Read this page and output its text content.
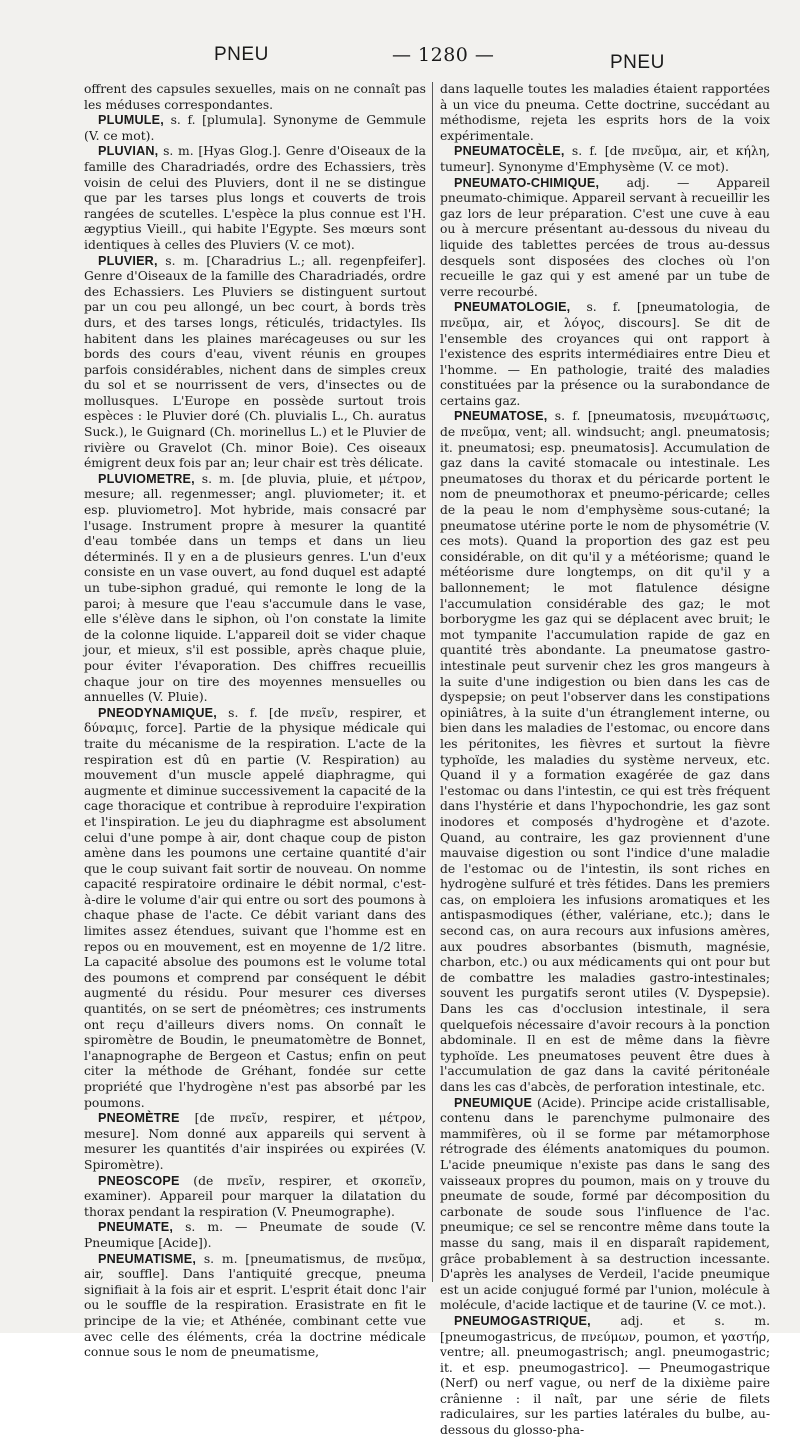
PNEU	— 1280 —	PNEU

offrent des capsules sexuelles, mais on ne connaît pas les méduses correspondantes.

PLUMULE, s. f. [plumula]. Synonyme de Gemmule (V. ce mot).

PLUVIAN, s. m. [Hyas Glog.]. Genre d'Oiseaux de la famille des Charadriadés, ordre des Echassiers, très voisin de celui des Pluviers, dont il ne se distingue que par les tarses plus longs et couverts de trois rangées de scutelles. L'espèce la plus connue est l'H. ægyptius Vieill., qui habite l'Egypte. Ses mœurs sont identiques à celles des Pluviers (V. ce mot).

PLUVIER, s. m. [Charadrius L.; all. regenpfeifer]. Genre d'Oiseaux de la famille des Charadriadés, ordre des Echassiers. Les Pluviers se distinguent surtout par un cou peu allongé, un bec court, à bords très durs, et des tarses longs, réticulés, tridactyles. Ils habitent dans les plaines marécageuses ou sur les bords des cours d'eau, vivent réunis en groupes parfois considérables, nichent dans de simples creux du sol et se nourrissent de vers, d'insectes ou de mollusques. L'Europe en possède surtout trois espèces : le Pluvier doré (Ch. pluvialis L., Ch. auratus Suck.), le Guignard (Ch. morinellus L.) et le Pluvier de rivière ou Gravelot (Ch. minor Boie). Ces oiseaux émigrent deux fois par an; leur chair est très délicate.

PLUVIOMETRE, s. m. [de pluvia, pluie, et μέτρον, mesure; all. regenmesser; angl. pluviometer; it. et esp. pluviometro]. Mot hybride, mais consacré par l'usage. Instrument propre à mesurer la quantité d'eau tombée dans un temps et dans un lieu déterminés. Il y en a de plusieurs genres. L'un d'eux consiste en un vase ouvert, au fond duquel est adapté un tube-siphon gradué, qui remonte le long de la paroi; à mesure que l'eau s'accumule dans le vase, elle s'élève dans le siphon, où l'on constate la limite de la colonne liquide. L'appareil doit se vider chaque jour, et mieux, s'il est possible, après chaque pluie, pour éviter l'évaporation. Des chiffres recueillis chaque jour on tire des moyennes mensuelles ou annuelles (V. Pluie).

PNEODYNAMIQUE, s. f. [de πνεῖν, respirer, et δύναμις, force]. Partie de la physique médicale qui traite du mécanisme de la respiration. L'acte de la respiration est dû en partie (V. Respiration) au mouvement d'un muscle appelé diaphragme, qui augmente et diminue successivement la capacité de la cage thoracique et contribue à reproduire l'expiration et l'inspiration. Le jeu du diaphragme est absolument celui d'une pompe à air, dont chaque coup de piston amène dans les poumons une certaine quantité d'air que le coup suivant fait sortir de nouveau. On nomme capacité respiratoire ordinaire le débit normal, c'est-à-dire le volume d'air qui entre ou sort des poumons à chaque phase de l'acte. Ce débit variant dans des limites assez étendues, suivant que l'homme est en repos ou en mouvement, est en moyenne de 1/2 litre. La capacité absolue des poumons est le volume total des poumons et comprend par conséquent le débit augmenté du résidu. Pour mesurer ces diverses quantités, on se sert de pnéomètres; ces instruments ont reçu d'ailleurs divers noms. On connaît le spiromètre de Boudin, le pneumatomètre de Bonnet, l'anapnographe de Bergeon et Castus; enfin on peut citer la méthode de Gréhant, fondée sur cette propriété que l'hydrogène n'est pas absorbé par les poumons.

PNEOMÈTRE [de πνεῖν, respirer, et μέτρον, mesure]. Nom donné aux appareils qui servent à mesurer les quantités d'air inspirées ou expirées (V. Spiromètre).

PNEOSCOPE (de πνεῖν, respirer, et σκοπεῖν, examiner). Appareil pour marquer la dilatation du thorax pendant la respiration (V. Pneumographe).

PNEUMATE, s. m. — Pneumate de soude (V. Pneumique [Acide]).

PNEUMATISME, s. m. [pneumatismus, de πνεῦμα, air, souffle]. Dans l'antiquité grecque, pneuma signifiait à la fois air et esprit. L'esprit était donc l'air ou le souffle de la respiration. Erasistrate en fit le principe de la vie; et Athénée, combinant cette vue avec celle des éléments, créa la doctrine médicale connue sous le nom de pneumatisme,

dans laquelle toutes les maladies étaient rapportées à un vice du pneuma. Cette doctrine, succédant au méthodisme, rejeta les esprits hors de la voix expérimentale.

PNEUMATOCÈLE, s. f. [de πνεῦμα, air, et κήλη, tumeur]. Synonyme d'Emphysème (V. ce mot).

PNEUMATO-CHIMIQUE, adj. — Appareil pneumato-chimique. Appareil servant à recueillir les gaz lors de leur préparation. C'est une cuve à eau ou à mercure présentant au-dessous du niveau du liquide des tablettes percées de trous au-dessus desquels sont disposées des cloches où l'on recueille le gaz qui y est amené par un tube de verre recourbé.

PNEUMATOLOGIE, s. f. [pneumatologia, de πνεῦμα, air, et λόγος, discours]. Se dit de l'ensemble des croyances qui ont rapport à l'existence des esprits intermédiaires entre Dieu et l'homme. — En pathologie, traité des maladies constituées par la présence ou la surabondance de certains gaz.

PNEUMATOSE, s. f. [pneumatosis, πνευμάτωσις, de πνεῦμα, vent; all. windsucht; angl. pneumatosis; it. pneumatosi; esp. pneumatosis]. Accumulation de gaz dans la cavité stomacale ou intestinale. Les pneumatoses du thorax et du péricarde portent le nom de pneumothorax et pneumo-péricarde; celles de la peau le nom d'emphysème sous-cutané; la pneumatose utérine porte le nom de physométrie (V. ces mots). Quand la proportion des gaz est peu considérable, on dit qu'il y a météorisme; quand le météorisme dure longtemps, on dit qu'il y a ballonnement; le mot flatulence désigne l'accumulation considérable des gaz; le mot borborygme les gaz qui se déplacent avec bruit; le mot tympanite l'accumulation rapide de gaz en quantité très abondante. La pneumatose gastro-intestinale peut survenir chez les gros mangeurs à la suite d'une indigestion ou bien dans les cas de dyspepsie; on peut l'observer dans les constipations opiniâtres, à la suite d'un étranglement interne, ou bien dans les maladies de l'estomac, ou encore dans les péritonites, les fièvres et surtout la fièvre typhoïde, les maladies du système nerveux, etc. Quand il y a formation exagérée de gaz dans l'estomac ou dans l'intestin, ce qui est très fréquent dans l'hystérie et dans l'hypochondrie, les gaz sont inodores et composés d'hydrogène et d'azote. Quand, au contraire, les gaz proviennent d'une mauvaise digestion ou sont l'indice d'une maladie de l'estomac ou de l'intestin, ils sont riches en hydrogène sulfuré et très fétides. Dans les premiers cas, on emploiera les infusions aromatiques et les antispasmodiques (éther, valériane, etc.); dans le second cas, on aura recours aux infusions amères, aux poudres absorbantes (bismuth, magnésie, charbon, etc.) ou aux médicaments qui ont pour but de combattre les maladies gastro-intestinales; souvent les purgatifs seront utiles (V. Dyspepsie). Dans les cas d'occlusion intestinale, il sera quelquefois nécessaire d'avoir recours à la ponction abdominale. Il en est de même dans la fièvre typhoïde. Les pneumatoses peuvent être dues à l'accumulation de gaz dans la cavité péritonéale dans les cas d'abcès, de perforation intestinale, etc.

PNEUMIQUE (Acide). Principe acide cristallisable, contenu dans le parenchyme pulmonaire des mammifères, où il se forme par métamorphose rétrograde des éléments anatomiques du poumon. L'acide pneumique n'existe pas dans le sang des vaisseaux propres du poumon, mais on y trouve du pneumate de soude, formé par décomposition du carbonate de soude sous l'influence de l'ac. pneumique; ce sel se rencontre même dans toute la masse du sang, mais il en disparaît rapidement, grâce probablement à sa destruction incessante. D'après les analyses de Verdeil, l'acide pneumique est un acide conjugué formé par l'union, molécule à molécule, d'acide lactique et de taurine (V. ce mot.).

PNEUMOGASTRIQUE, adj. et s. m. [pneumogastricus, de πνεύμων, poumon, et γαστήρ, ventre; all. pneumogastrisch; angl. pneumogastric; it. et esp. pneumogastrico]. — Pneumogastrique (Nerf) ou nerf vague, ou nerf de la dixième paire crânienne : il naît, par une série de filets radiculaires, sur les parties latérales du bulbe, au-dessous du glosso-pha-
